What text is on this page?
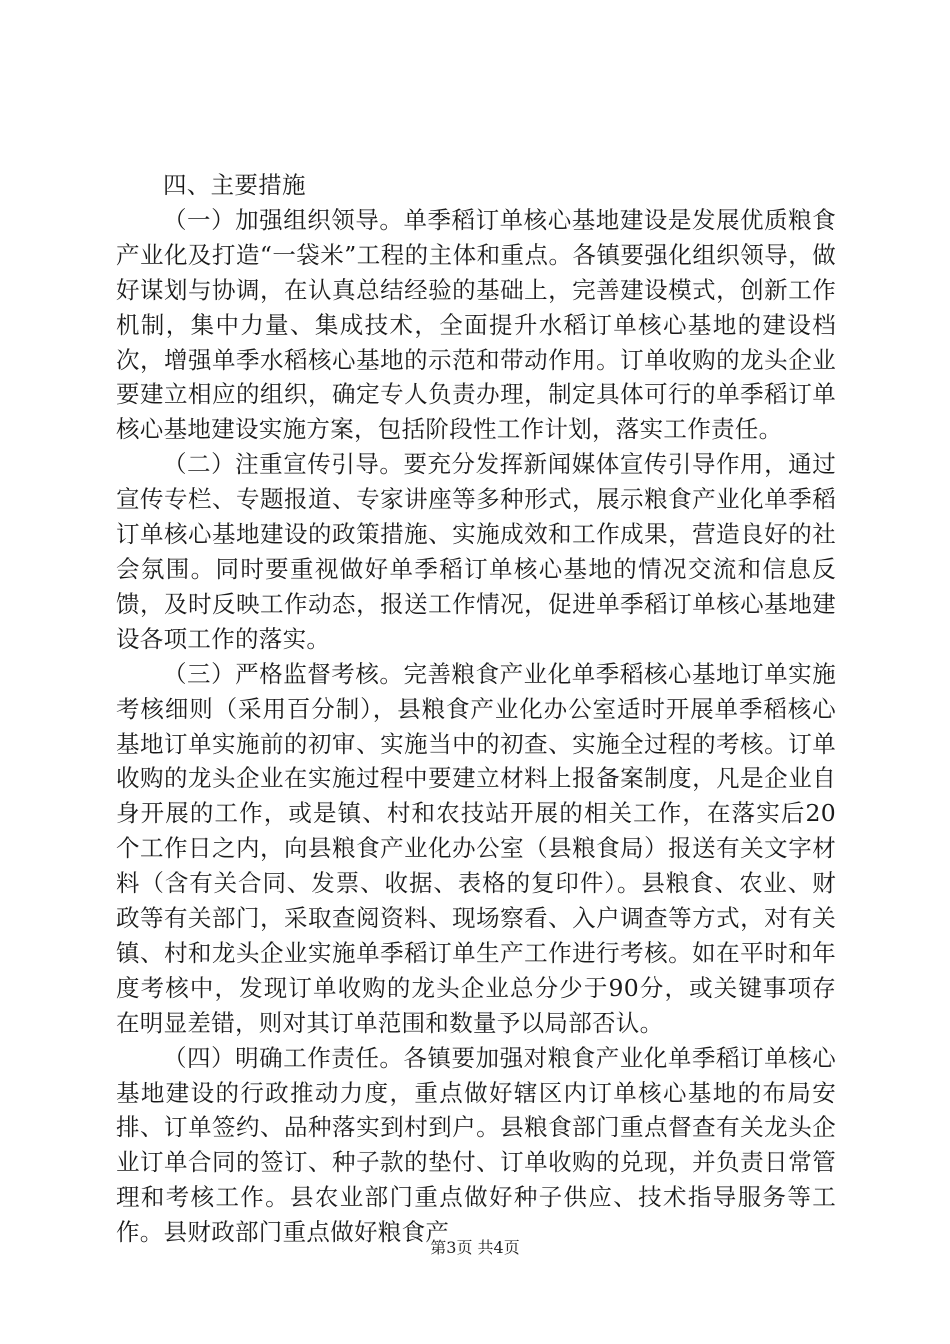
四、主要措施

（一）加强组织领导。单季稻订单核心基地建设是发展优质粮食产业化及打造“一袋米”工程的主体和重点。各镇要强化组织领导，做好谋划与协调，在认真总结经验的基础上，完善建设模式，创新工作机制，集中力量、集成技术，全面提升水稻订单核心基地的建设档次，增强单季水稻核心基地的示范和带动作用。订单收购的龙头企业要建立相应的组织，确定专人负责办理，制定具体可行的单季稻订单核心基地建设实施方案，包括阶段性工作计划，落实工作责任。

（二）注重宣传引导。要充分发挥新闻媒体宣传引导作用，通过宣传专栏、专题报道、专家讲座等多种形式，展示粮食产业化单季稻订单核心基地建设的政策措施、实施成效和工作成果，营造良好的社会氛围。同时要重视做好单季稻订单核心基地的情况交流和信息反馈，及时反映工作动态，报送工作情况，促进单季稻订单核心基地建设各项工作的落实。

（三）严格监督考核。完善粮食产业化单季稻核心基地订单实施考核细则（采用百分制），县粮食产业化办公室适时开展单季稻核心基地订单实施前的初审、实施当中的初查、实施全过程的考核。订单收购的龙头企业在实施过程中要建立材料上报备案制度，凡是企业自身开展的工作，或是镇、村和农技站开展的相关工作，在落实后20个工作日之内，向县粮食产业化办公室（县粮食局）报送有关文字材料（含有关合同、发票、收据、表格的复印件）。县粮食、农业、财政等有关部门，采取查阅资料、现场察看、入户调查等方式，对有关镇、村和龙头企业实施单季稻订单生产工作进行考核。如在平时和年度考核中，发现订单收购的龙头企业总分少于90分，或关键事项存在明显差错，则对其订单范围和数量予以局部否认。

（四）明确工作责任。各镇要加强对粮食产业化单季稻订单核心基地建设的行政推动力度，重点做好辖区内订单核心基地的布局安排、订单签约、品种落实到村到户。县粮食部门重点督查有关龙头企业订单合同的签订、种子款的垫付、订单收购的兑现，并负责日常管理和考核工作。县农业部门重点做好种子供应、技术指导服务等工作。县财政部门重点做好粮食产

第3页 共4页
